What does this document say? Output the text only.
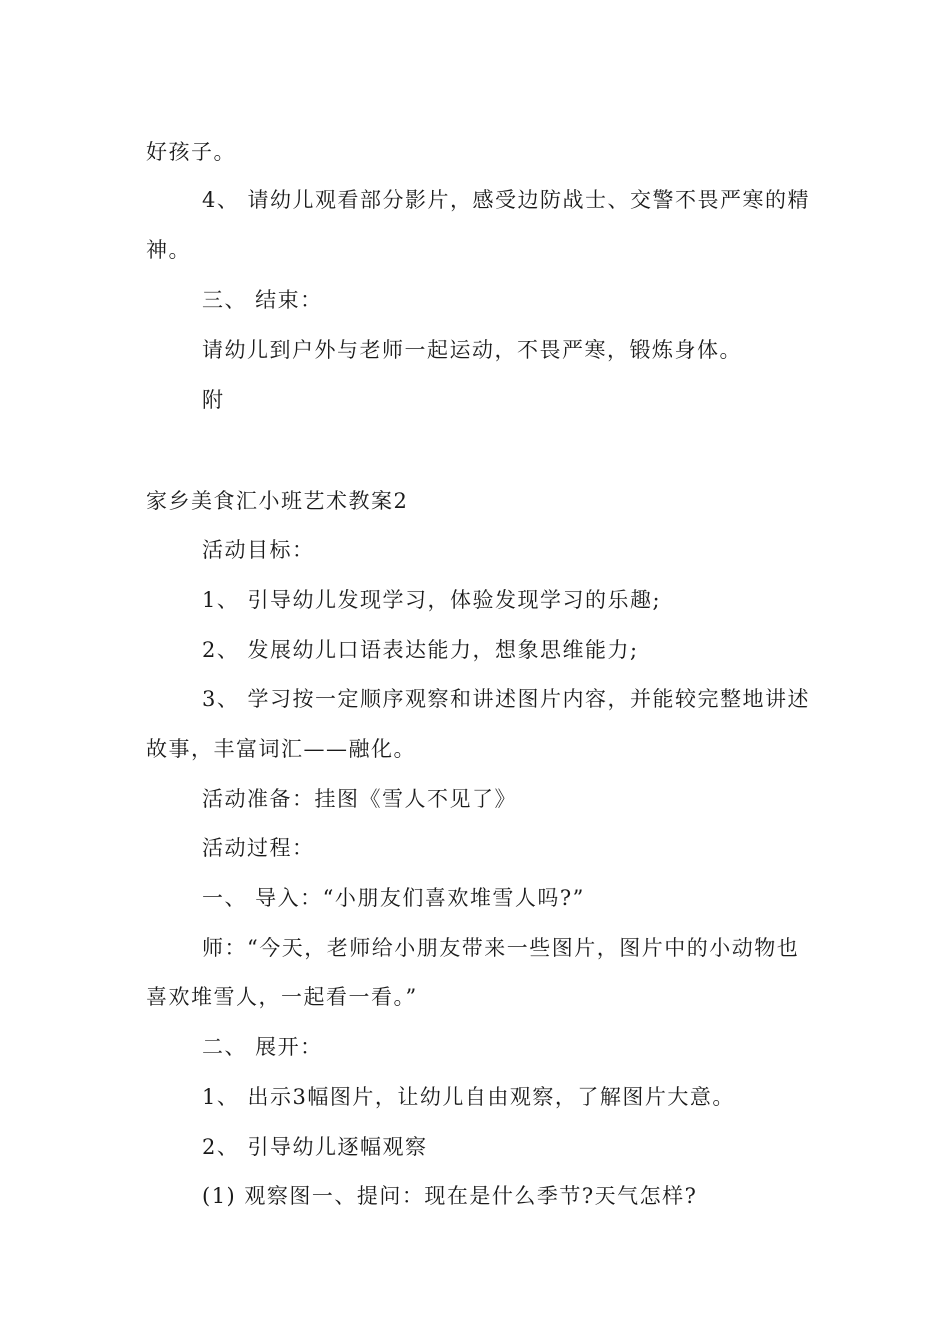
好孩子。
4、 请幼儿观看部分影片，感受边防战士、交警不畏严寒的精
神。
三、 结束：
请幼儿到户外与老师一起运动，不畏严寒，锻炼身体。
附
家乡美食汇小班艺术教案2
活动目标：
1、 引导幼儿发现学习，体验发现学习的乐趣;
2、 发展幼儿口语表达能力，想象思维能力;
3、 学习按一定顺序观察和讲述图片内容，并能较完整地讲述
故事，丰富词汇——融化。
活动准备：挂图《雪人不见了》
活动过程：
一、 导入：“小朋友们喜欢堆雪人吗?”
师：“今天，老师给小朋友带来一些图片，图片中的小动物也
喜欢堆雪人，一起看一看。”
二、 展开：
1、 出示3幅图片，让幼儿自由观察，了解图片大意。
2、 引导幼儿逐幅观察
(1) 观察图一、提问：现在是什么季节?天气怎样?
